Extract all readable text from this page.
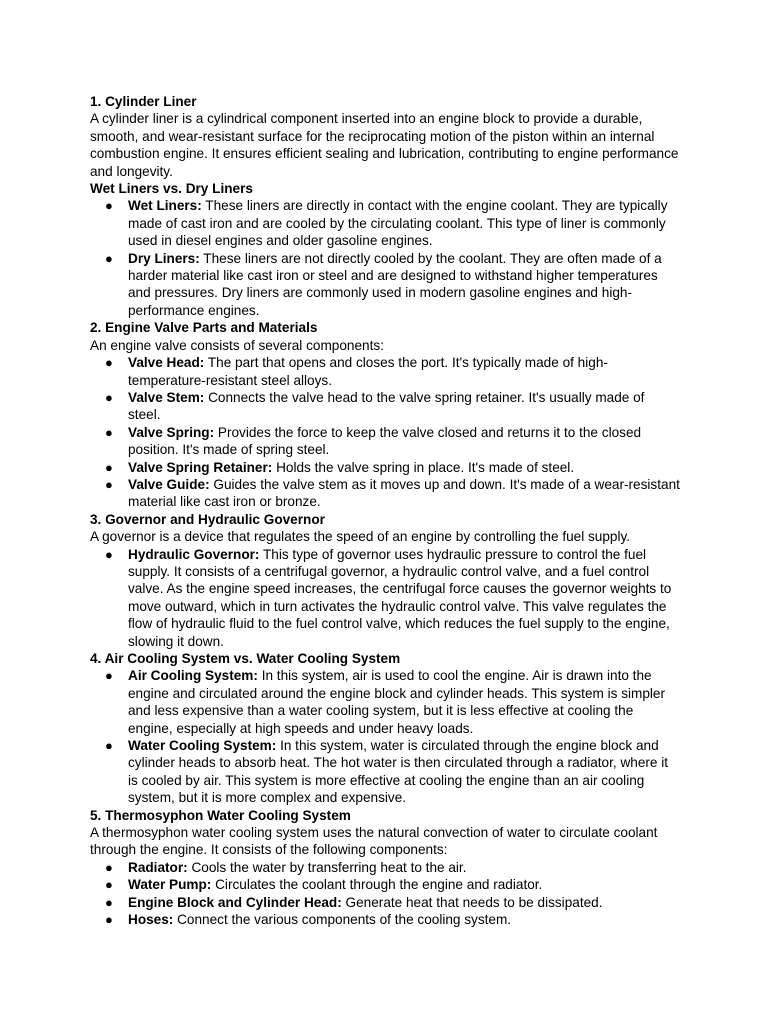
1. Cylinder Liner

A cylinder liner is a cylindrical component inserted into an engine block to provide a durable, smooth, and wear-resistant surface for the reciprocating motion of the piston within an internal combustion engine. It ensures efficient sealing and lubrication, contributing to engine performance and longevity.

Wet Liners vs. Dry Liners

● Wet Liners: These liners are directly in contact with the engine coolant. They are typically made of cast iron and are cooled by the circulating coolant. This type of liner is commonly used in diesel engines and older gasoline engines.
● Dry Liners: These liners are not directly cooled by the coolant. They are often made of a harder material like cast iron or steel and are designed to withstand higher temperatures and pressures. Dry liners are commonly used in modern gasoline engines and high-performance engines.

2. Engine Valve Parts and Materials

An engine valve consists of several components:

● Valve Head: The part that opens and closes the port. It's typically made of high-temperature-resistant steel alloys.
● Valve Stem: Connects the valve head to the valve spring retainer. It's usually made of steel.
● Valve Spring: Provides the force to keep the valve closed and returns it to the closed position. It's made of spring steel.
● Valve Spring Retainer: Holds the valve spring in place. It's made of steel.
● Valve Guide: Guides the valve stem as it moves up and down. It's made of a wear-resistant material like cast iron or bronze.

3. Governor and Hydraulic Governor

A governor is a device that regulates the speed of an engine by controlling the fuel supply.

● Hydraulic Governor: This type of governor uses hydraulic pressure to control the fuel supply. It consists of a centrifugal governor, a hydraulic control valve, and a fuel control valve. As the engine speed increases, the centrifugal force causes the governor weights to move outward, which in turn activates the hydraulic control valve. This valve regulates the flow of hydraulic fluid to the fuel control valve, which reduces the fuel supply to the engine, slowing it down.

4. Air Cooling System vs. Water Cooling System

● Air Cooling System: In this system, air is used to cool the engine. Air is drawn into the engine and circulated around the engine block and cylinder heads. This system is simpler and less expensive than a water cooling system, but it is less effective at cooling the engine, especially at high speeds and under heavy loads.
● Water Cooling System: In this system, water is circulated through the engine block and cylinder heads to absorb heat. The hot water is then circulated through a radiator, where it is cooled by air. This system is more effective at cooling the engine than an air cooling system, but it is more complex and expensive.

5. Thermosyphon Water Cooling System

A thermosyphon water cooling system uses the natural convection of water to circulate coolant through the engine. It consists of the following components:

● Radiator: Cools the water by transferring heat to the air.
● Water Pump: Circulates the coolant through the engine and radiator.
● Engine Block and Cylinder Head: Generate heat that needs to be dissipated.
● Hoses: Connect the various components of the cooling system.
